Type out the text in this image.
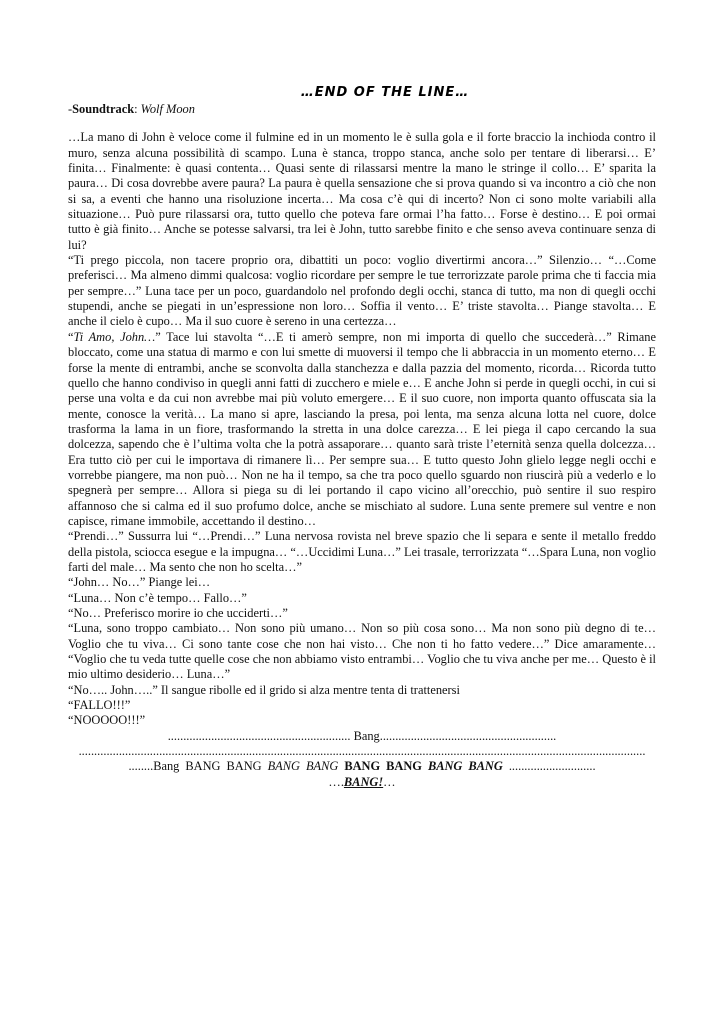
…END OF THE LINE…
-Soundtrack: Wolf Moon

…La mano di John è veloce come il fulmine ed in un momento le è sulla gola e il forte braccio la inchioda contro il muro, senza alcuna possibilità di scampo. Luna è stanca, troppo stanca, anche solo per tentare di liberarsi… E’ finita… Finalmente: è quasi contenta… Quasi sente di rilassarsi mentre la mano le stringe il collo… E’ sparita la paura… Di cosa dovrebbe avere paura? La paura è quella sensazione che si prova quando si va incontro a ciò che non si sa, a eventi che hanno una risoluzione incerta… Ma cosa c’è qui di incerto? Non ci sono molte variabili alla situazione… Può pure rilassarsi ora, tutto quello che poteva fare ormai l’ha fatto… Forse è destino… E poi ormai tutto è già finito… Anche se potesse salvarsi, tra lei è John, tutto sarebbe finito e che senso aveva continuare senza di lui?

“Ti prego piccola, non tacere proprio ora, dibattiti un poco: voglio divertirmi ancora…” Silenzio… “…Come preferisci… Ma almeno dimmi qualcosa: voglio ricordare per sempre le tue terrorizzate parole prima che ti faccia mia per sempre…” Luna tace per un poco, guardandolo nel profondo degli occhi, stanca di tutto, ma non di quegli occhi stupendi, anche se piegati in un’espressione non loro… Soffia il vento… E’ triste stavolta… Piange stavolta… E anche il cielo è cupo… Ma il suo cuore è sereno in una certezza…

“Ti Amo, John…” Tace lui stavolta “…E ti amerò sempre, non mi importa di quello che succederà…” Rimane bloccato, come una statua di marmo e con lui smette di muoversi il tempo che li abbraccia in un momento eterno… E forse la mente di entrambi, anche se sconvolta dalla stanchezza e dalla pazzia del momento, ricorda… Ricorda tutto quello che hanno condiviso in quegli anni fatti di zucchero e miele e… E anche John si perde in quegli occhi, in cui si perse una volta e da cui non avrebbe mai più voluto emergere… E il suo cuore, non importa quanto offuscata sia la mente, conosce la verità… La mano si apre, lasciando la presa, poi lenta, ma senza alcuna lotta nel cuore, dolce trasforma la lama in un fiore, trasformando la stretta in una dolce carezza… E lei piega il capo cercando la sua dolcezza, sapendo che è l’ultima volta che la potrà assaporare… quanto sarà triste l’eternità senza quella dolcezza… Era tutto ciò per cui le importava di rimanere lì… Per sempre sua… E tutto questo John glielo legge negli occhi e vorrebbe piangere, ma non può… Non ne ha il tempo, sa che tra poco quello sguardo non riuscirà più a vederlo e lo spegnerà per sempre… Allora si piega su di lei portando il capo vicino all’orecchio, può sentire il suo respiro affannoso che si calma ed il suo profumo dolce, anche se mischiato al sudore. Luna sente premere sul ventre e non capisce, rimane immobile, accettando il destino…

“Prendi…” Sussurra lui “…Prendi…” Luna nervosa rovista nel breve spazio che li separa e sente il metallo freddo della pistola, sciocca esegue e la impugna… “…Uccidimi Luna…” Lei trasale, terrorizzata “…Spara Luna, non voglio farti del male… Ma sento che non ho scelta…”

“John… No…” Piange lei…

“Luna… Non c’è tempo… Fallo…”

“No… Preferisco morire io che ucciderti…”

“Luna, sono troppo cambiato… Non sono più umano… Non so più cosa sono… Ma non sono più degno di te… Voglio che tu viva… Ci sono tante cose che non hai visto… Che non ti ho fatto vedere…” Dice amaramente… “Voglio che tu veda tutte quelle cose che non abbiamo visto entrambi… Voglio che tu viva anche per me… Questo è il mio ultimo desiderio… Luna…”

“No….. John…..” Il sangue ribolle ed il grido si alza mentre tenta di trattenersi

“FALLO!!!”

“NOOOOO!!!”

........................................................... Bang.........................................................
.......................................................................................................................................................................................
........Bang BANG BANG BANG BANG BANG BANG BANG BANG ............................
….BANG!…
